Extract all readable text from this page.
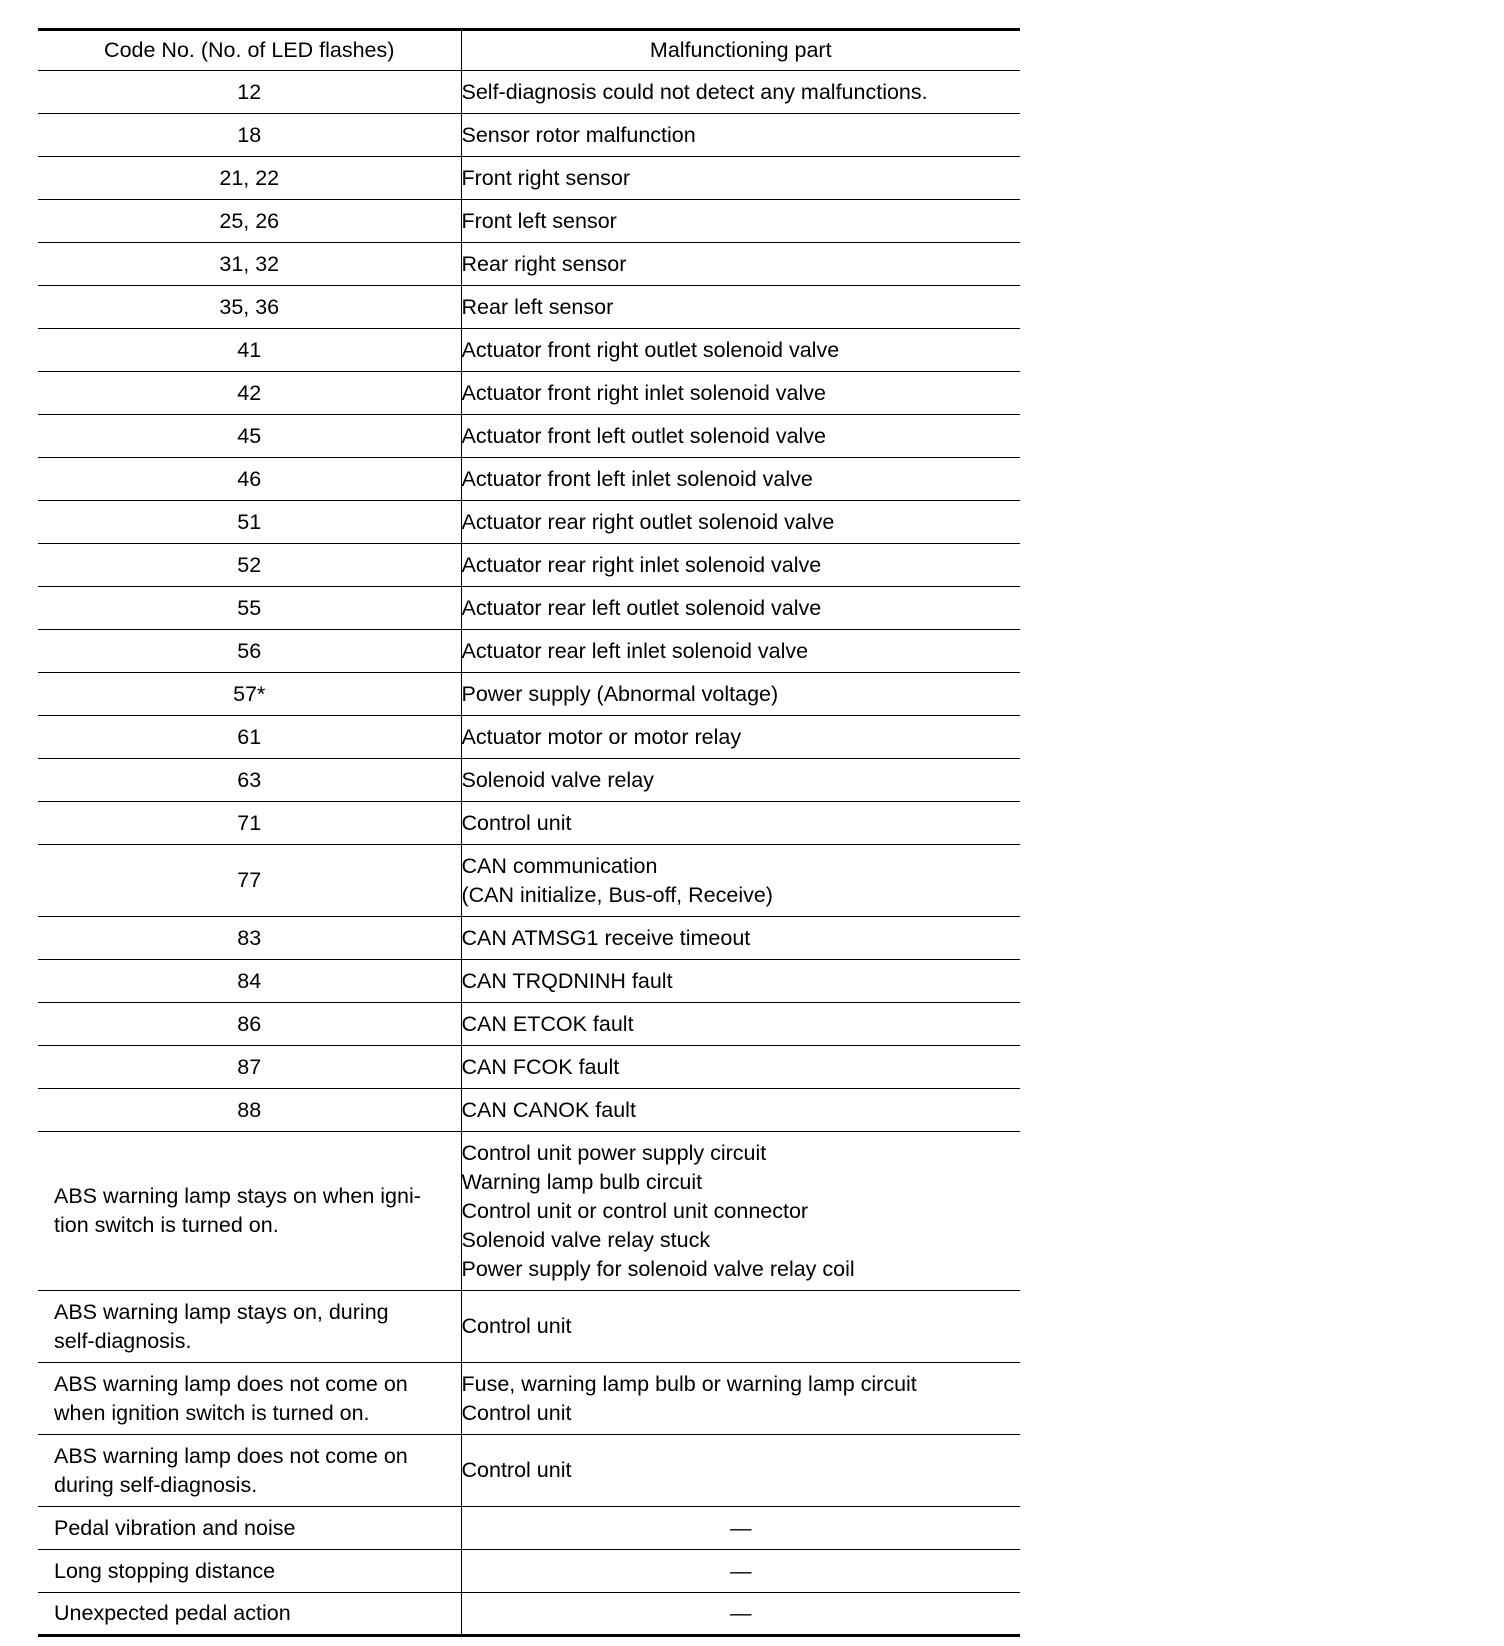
Code No. (No. of LED flashes)	Malfunctioning part
12	Self-diagnosis could not detect any malfunctions.
18	Sensor rotor malfunction
21, 22	Front right sensor
25, 26	Front left sensor
31, 32	Rear right sensor
35, 36	Rear left sensor
41	Actuator front right outlet solenoid valve
42	Actuator front right inlet solenoid valve
45	Actuator front left outlet solenoid valve
46	Actuator front left inlet solenoid valve
51	Actuator rear right outlet solenoid valve
52	Actuator rear right inlet solenoid valve
55	Actuator rear left outlet solenoid valve
56	Actuator rear left inlet solenoid valve
57*	Power supply (Abnormal voltage)
61	Actuator motor or motor relay
63	Solenoid valve relay
71	Control unit
77	CAN communication
(CAN initialize, Bus-off, Receive)

83	CAN ATMSG1 receive timeout
84	CAN TRQDNINH fault
86	CAN ETCOK fault
87	CAN FCOK fault
88	CAN CANOK fault

ABS warning lamp stays on when igni-
tion switch is turned on.	Control unit power supply circuit
Warning lamp bulb circuit
Control unit or control unit connector
Solenoid valve relay stuck
Power supply for solenoid valve relay coil

ABS warning lamp stays on, during
self-diagnosis.	Control unit

ABS warning lamp does not come on
when ignition switch is turned on.	Fuse, warning lamp bulb or warning lamp circuit
Control unit

ABS warning lamp does not come on
during self-diagnosis.	Control unit
Pedal vibration and noise	—
Long stopping distance	—
Unexpected pedal action	—
